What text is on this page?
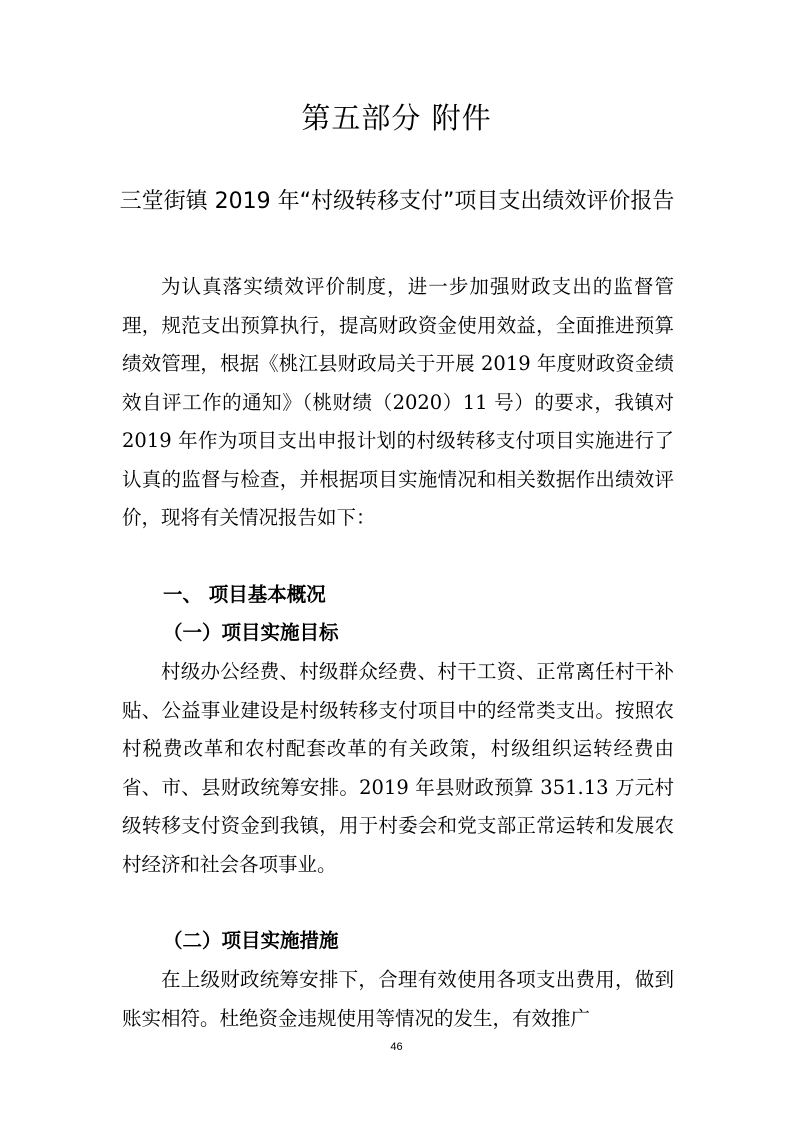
第五部分 附件
三堂街镇 2019 年“村级转移支付”项目支出绩效评价报告

为认真落实绩效评价制度，进一步加强财政支出的监督管理，规范支出预算执行，提高财政资金使用效益，全面推进预算绩效管理，根据《桃江县财政局关于开展 2019 年度财政资金绩效自评工作的通知》（桃财绩（2020）11 号）的要求，我镇对 2019 年作为项目支出申报计划的村级转移支付项目实施进行了认真的监督与检查，并根据项目实施情况和相关数据作出绩效评价，现将有关情况报告如下：

一、 项目基本概况

（一）项目实施目标

村级办公经费、村级群众经费、村干工资、正常离任村干补贴、公益事业建设是村级转移支付项目中的经常类支出。按照农村税费改革和农村配套改革的有关政策，村级组织运转经费由省、市、县财政统筹安排。2019 年县财政预算 351.13 万元村级转移支付资金到我镇，用于村委会和党支部正常运转和发展农村经济和社会各项事业。

（二）项目实施措施

在上级财政统筹安排下，合理有效使用各项支出费用，做到账实相符。杜绝资金违规使用等情况的发生，有效推广

46
